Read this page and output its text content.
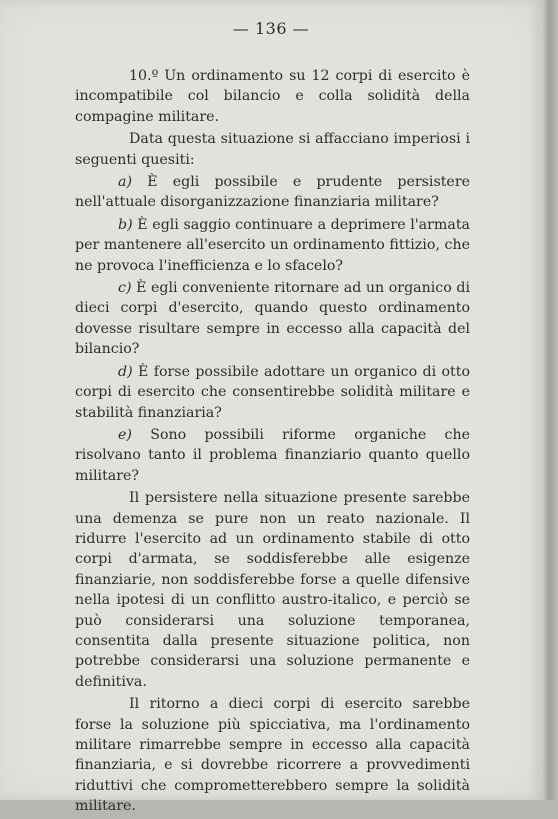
— 136 —

10.º Un ordinamento su 12 corpi di esercito è incompatibile col bilancio e colla solidità della compagine militare.

Data questa situazione si affacciano imperiosi i seguenti quesiti:

a) È egli possibile e prudente persistere nell'attuale disorganizzazione finanziaria militare?

b) È egli saggio continuare a deprimere l'armata per mantenere all'esercito un ordinamento fittizio, che ne provoca l'inefficienza e lo sfacelo?

c) È egli conveniente ritornare ad un organico di dieci corpi d'esercito, quando questo ordinamento dovesse risultare sempre in eccesso alla capacità del bilancio?

d) È forse possibile adottare un organico di otto corpi di esercito che consentirebbe solidità militare e stabilità finanziaria?

e) Sono possibili riforme organiche che risolvano tanto il problema finanziario quanto quello militare?

Il persistere nella situazione presente sarebbe una demenza se pure non un reato nazionale. Il ridurre l'esercito ad un ordinamento stabile di otto corpi d'armata, se soddisferebbe alle esigenze finanziarie, non soddisferebbe forse a quelle difensive nella ipotesi di un conflitto austro-italico, e perciò se può considerarsi una soluzione temporanea, consentita dalla presente situazione politica, non potrebbe considerarsi una soluzione permanente e definitiva.

Il ritorno a dieci corpi di esercito sarebbe forse la soluzione più spicciativa, ma l'ordinamento militare rimarrebbe sempre in eccesso alla capacità finanziaria, e si dovrebbe ricorrere a provvedimenti riduttivi che comprometterebbero sempre la solidità militare.
